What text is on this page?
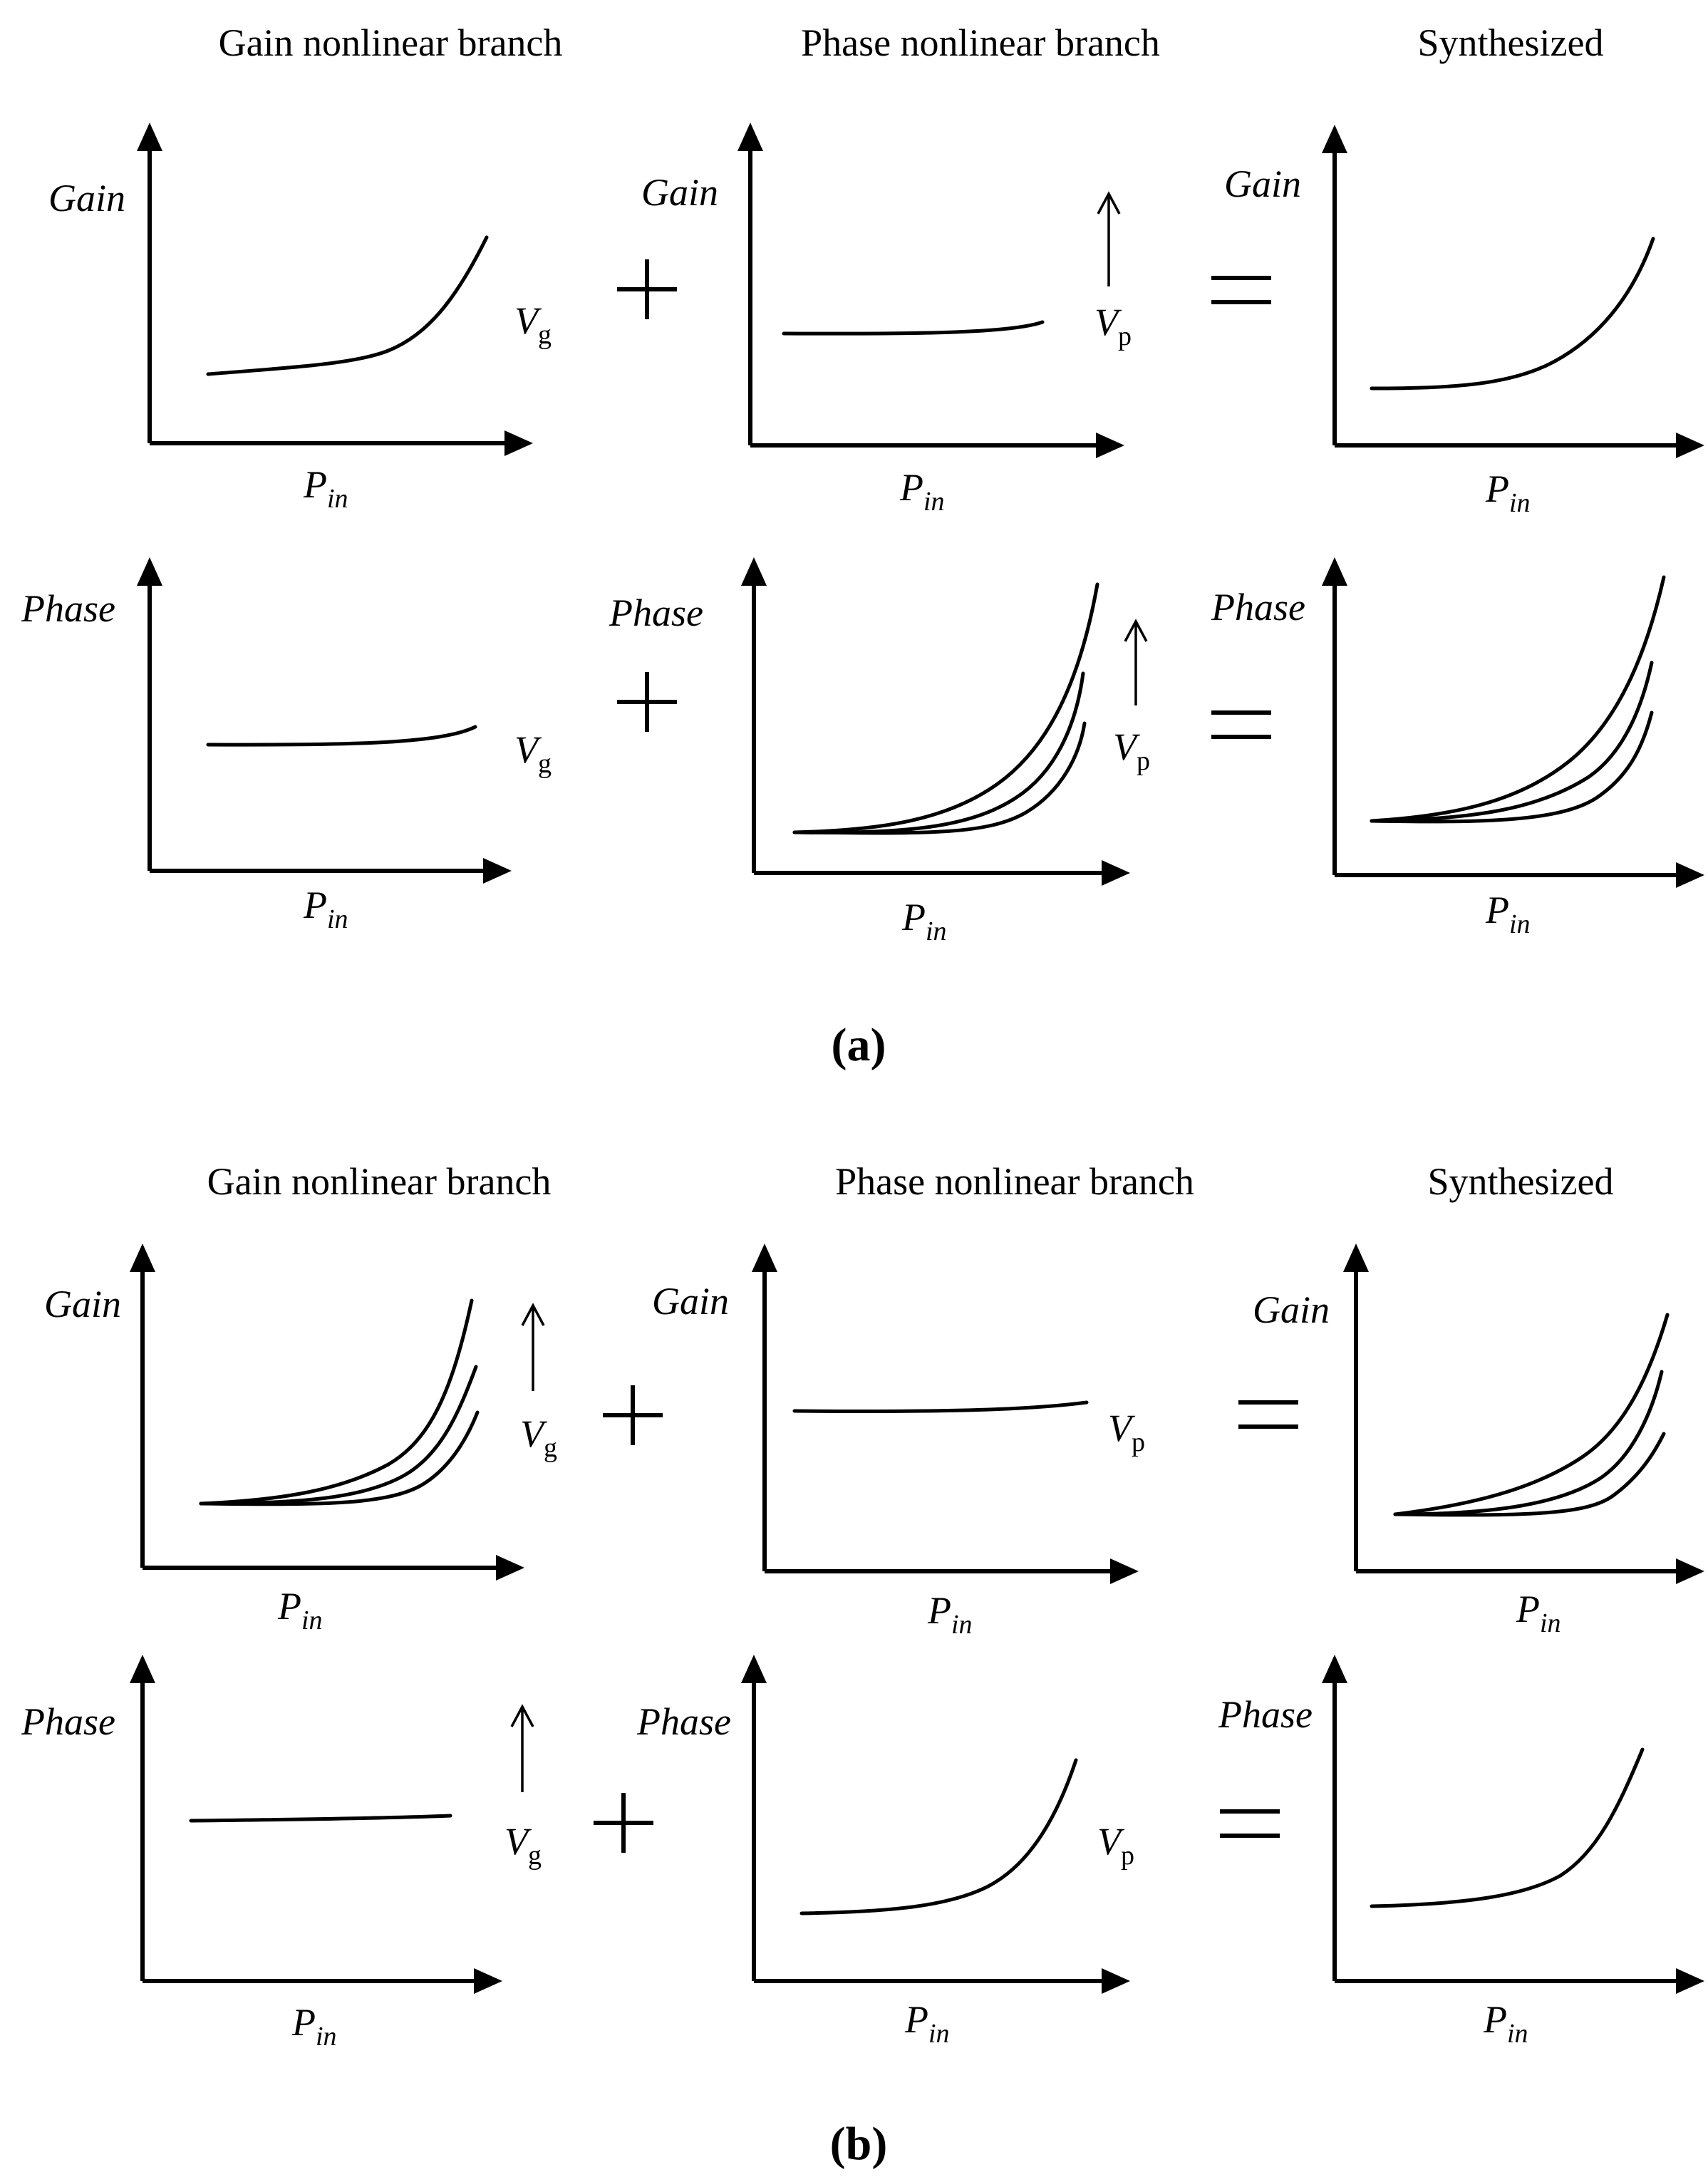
Gain nonlinear branch	Phase nonlinear branch	Synthesized
Gain
$P_{in}$
$V_g$
Gain
$P_{in}$
$V_p$
Gain
$P_{in}$
Phase
$P_{in}$
$V_g$
Phase
$P_{in}$
$V_p$
Phase
$P_{in}$
(a)
Gain nonlinear branch	Phase nonlinear branch	Synthesized
Gain
$P_{in}$
$V_g$
Gain
$P_{in}$
$V_p$
Gain
$P_{in}$
Phase
$P_{in}$
$V_g$
Phase
$P_{in}$
$V_p$
Phase
$P_{in}$
(b)
